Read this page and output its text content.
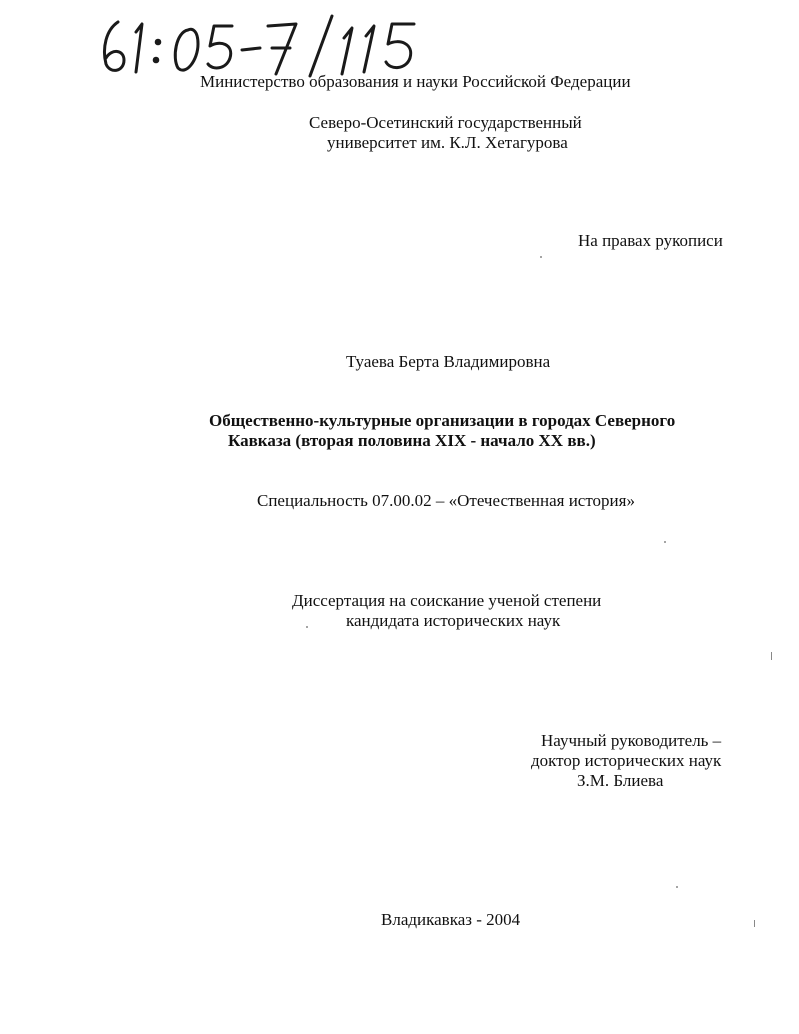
Министерство образования и науки Российской Федерации
Северо-Осетинский государственный
университет им. К.Л. Хетагурова
На правах рукописи
Туаева Берта Владимировна
Общественно-культурные организации в городах Северного
Кавказа (вторая половина XIX - начало XX вв.)
Специальность 07.00.02 – «Отечественная история»
Диссертация на соискание ученой степени
кандидата исторических наук
Научный руководитель –
доктор исторических наук
З.М. Блиева
Владикавказ - 2004
